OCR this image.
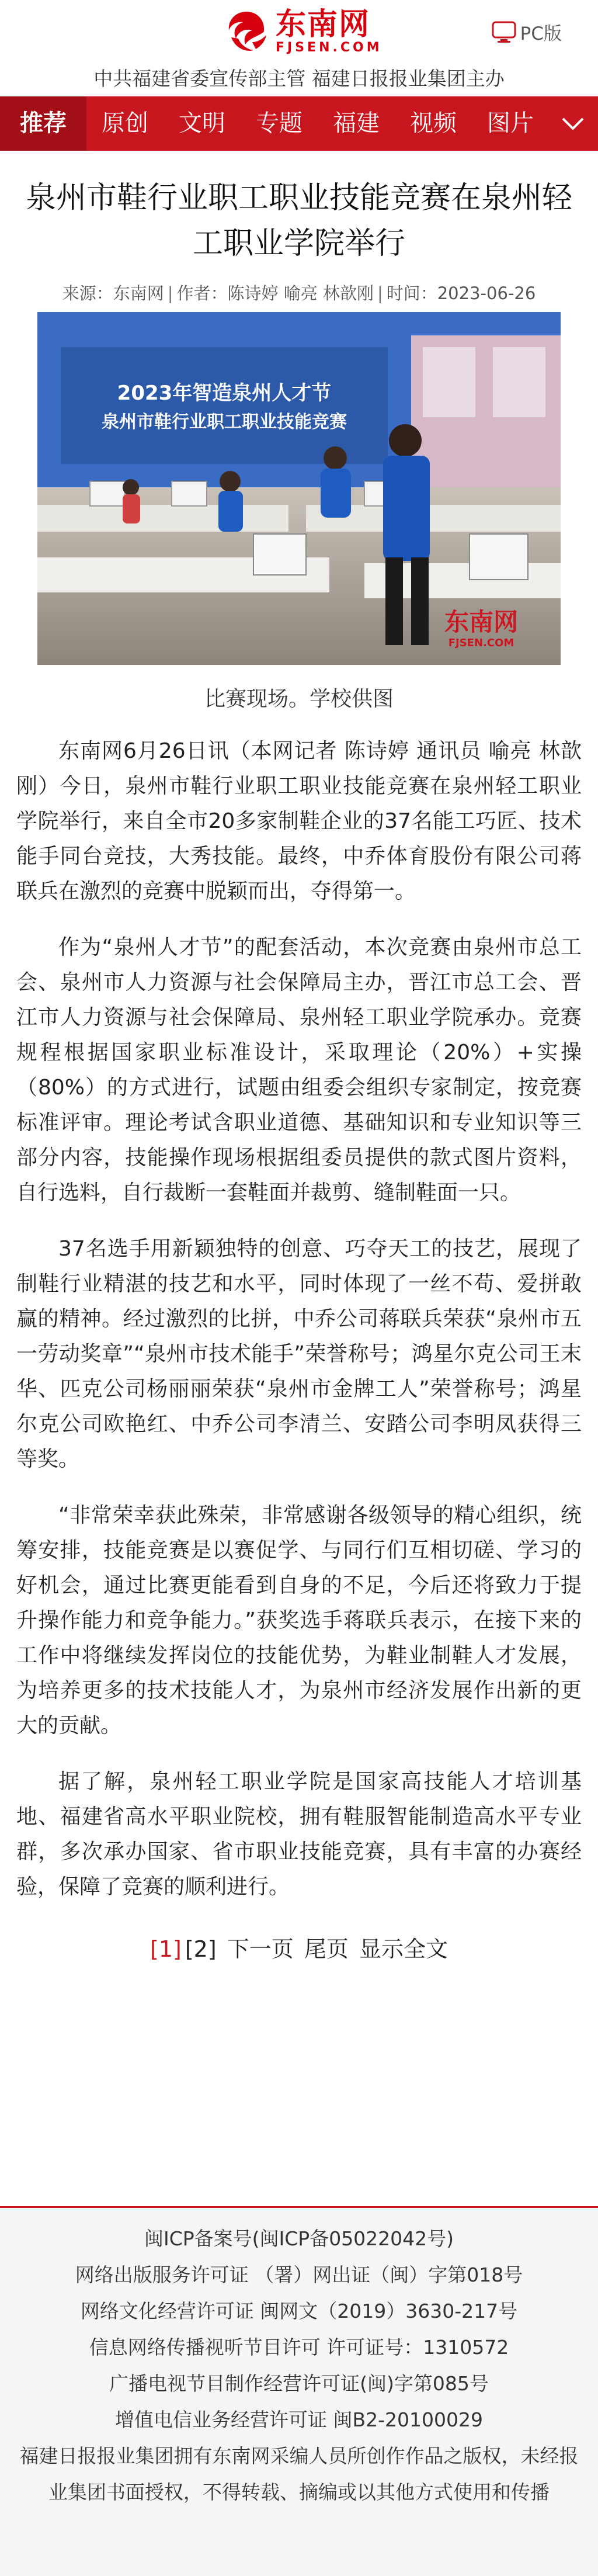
东南网
FJSEN.COM
PC版
中共福建省委宣传部主管 福建日报报业集团主办
推荐	原创	文明	专题	福建	视频	图片
泉州市鞋行业职工职业技能竞赛在泉州轻工职业学院举行
来源：东南网 | 作者：陈诗婷 喻亮 林歆刚 | 时间：2023-06-26
2023年智造泉州人才节
泉州市鞋行业职工职业技能竞赛
东南网
FJSEN.COM
比赛现场。学校供图

东南网6月26日讯（本网记者 陈诗婷 通讯员 喻亮 林歆刚）今日，泉州市鞋行业职工职业技能竞赛在泉州轻工职业学院举行，来自全市20多家制鞋企业的37名能工巧匠、技术能手同台竞技，大秀技能。最终，中乔体育股份有限公司蒋联兵在激烈的竞赛中脱颖而出，夺得第一。

作为“泉州人才节”的配套活动，本次竞赛由泉州市总工会、泉州市人力资源与社会保障局主办，晋江市总工会、晋江市人力资源与社会保障局、泉州轻工职业学院承办。竞赛规程根据国家职业标准设计，采取理论（20%）+实操（80%）的方式进行，试题由组委会组织专家制定，按竞赛标准评审。理论考试含职业道德、基础知识和专业知识等三部分内容，技能操作现场根据组委员提供的款式图片资料，自行选料，自行裁断一套鞋面并裁剪、缝制鞋面一只。

37名选手用新颖独特的创意、巧夺天工的技艺，展现了制鞋行业精湛的技艺和水平，同时体现了一丝不苟、爱拼敢赢的精神。经过激烈的比拼，中乔公司蒋联兵荣获“泉州市五一劳动奖章”“泉州市技术能手”荣誉称号；鸿星尔克公司王末华、匹克公司杨丽丽荣获“泉州市金牌工人”荣誉称号；鸿星尔克公司欧艳红、中乔公司李清兰、安踏公司李明凤获得三等奖。

“非常荣幸获此殊荣，非常感谢各级领导的精心组织，统筹安排，技能竞赛是以赛促学、与同行们互相切磋、学习的好机会，通过比赛更能看到自身的不足，今后还将致力于提升操作能力和竞争能力。”获奖选手蒋联兵表示，在接下来的工作中将继续发挥岗位的技能优势，为鞋业制鞋人才发展，为培养更多的技术技能人才，为泉州市经济发展作出新的更大的贡献。

据了解，泉州轻工职业学院是国家高技能人才培训基地、福建省高水平职业院校，拥有鞋服智能制造高水平专业群，多次承办国家、省市职业技能竞赛，具有丰富的办赛经验，保障了竞赛的顺利进行。

[1] [2] 下一页 尾页 显示全文
闽ICP备案号(闽ICP备05022042号)
网络出版服务许可证 （署）网出证（闽）字第018号
网络文化经营许可证 闽网文（2019）3630-217号
信息网络传播视听节目许可 许可证号：1310572
广播电视节目制作经营许可证(闽)字第085号
增值电信业务经营许可证 闽B2-20100029
福建日报报业集团拥有东南网采编人员所创作作品之版权，未经报业集团书面授权，不得转载、摘编或以其他方式使用和传播
